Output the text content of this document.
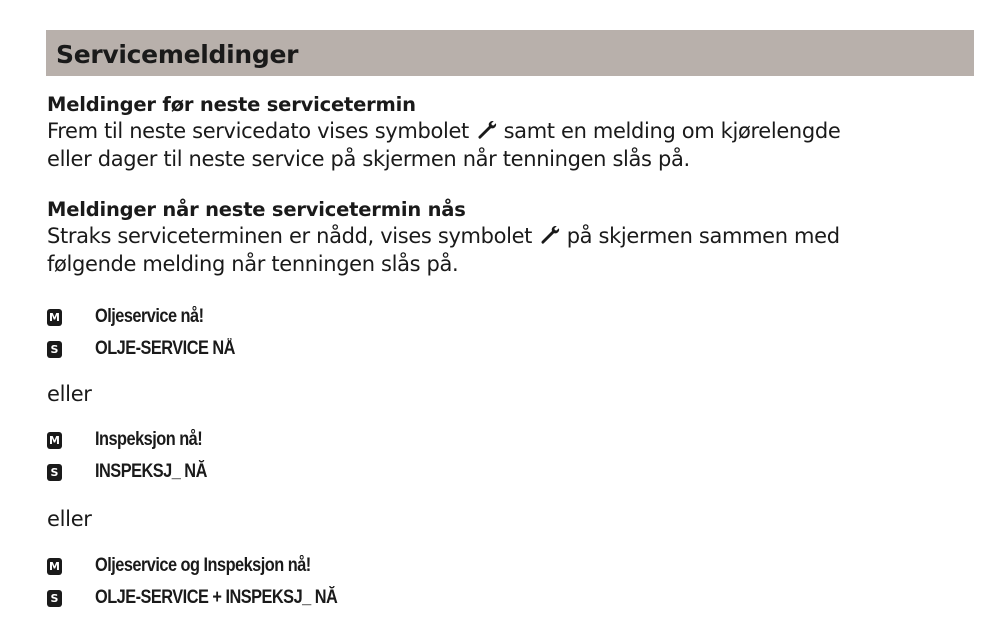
Servicemeldinger

Meldinger før neste servicetermin

Frem til neste servicedato vises symbolet samt en melding om kjørelengde
eller dager til neste service på skjermen når tenningen slås på.

Meldinger når neste servicetermin nås

Straks serviceterminen er nådd, vises symbolet på skjermen sammen med
følgende melding når tenningen slås på.

M Oljeservice nå!
S OLJE-SERVICE NÅ
eller
M Inspeksjon nå!
S INSPEKSJ_ NĂ
eller
M Oljeservice og Inspeksjon nå!
S OLJE-SERVICE + INSPEKSJ_ NĂ
